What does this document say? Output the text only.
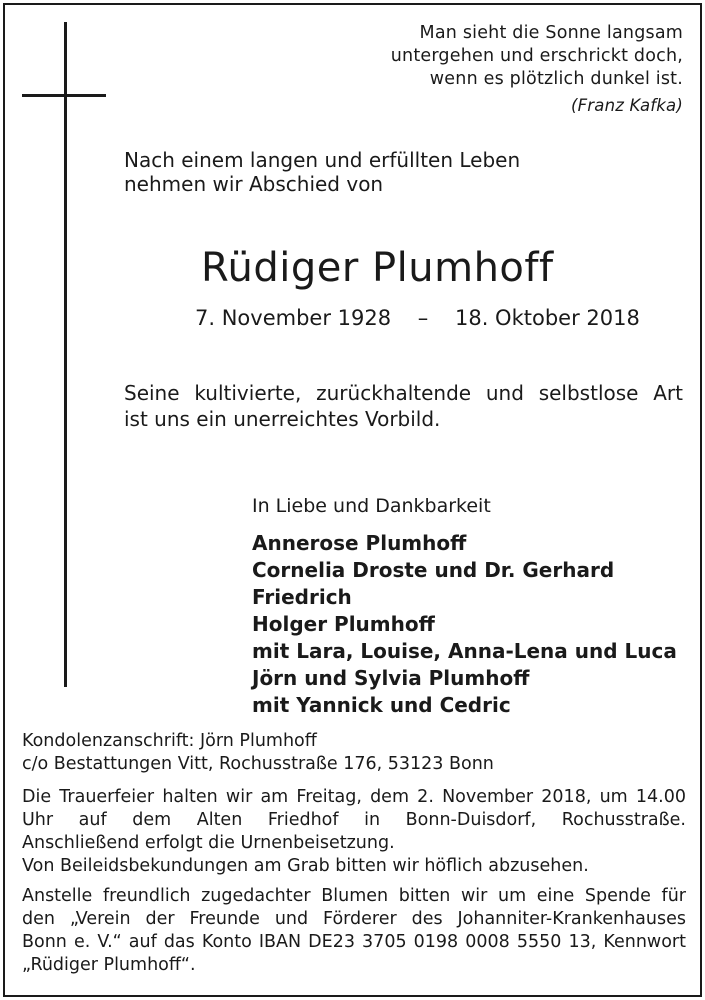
Man sieht die Sonne langsam
untergehen und erschrickt doch,
wenn es plötzlich dunkel ist.
(Franz Kafka)
Nach einem langen und erfüllten Leben
nehmen wir Abschied von
Rüdiger Plumhoff
7. November 1928 – 18. Oktober 2018
Seine kultivierte, zurückhaltende und selbstlose Art
ist uns ein unerreichtes Vorbild.
In Liebe und Dankbarkeit
Annerose Plumhoff
Cornelia Droste und Dr. Gerhard Friedrich
Holger Plumhoff
mit Lara, Louise, Anna-Lena und Luca
Jörn und Sylvia Plumhoff
mit Yannick und Cedric
Kondolenzanschrift: Jörn Plumhoff
c/o Bestattungen Vitt, Rochusstraße 176, 53123 Bonn
Die Trauerfeier halten wir am Freitag, dem 2. November 2018, um 14.00
Uhr auf dem Alten Friedhof in Bonn-Duisdorf, Rochusstraße.
Anschließend erfolgt die Urnenbeisetzung.
Von Beileidsbekundungen am Grab bitten wir höflich abzusehen.
Anstelle freundlich zugedachter Blumen bitten wir um eine Spende für
den „Verein der Freunde und Förderer des Johanniter-Krankenhauses
Bonn e. V.“ auf das Konto IBAN DE23 3705 0198 0008 5550 13, Kennwort
„Rüdiger Plumhoff“.
